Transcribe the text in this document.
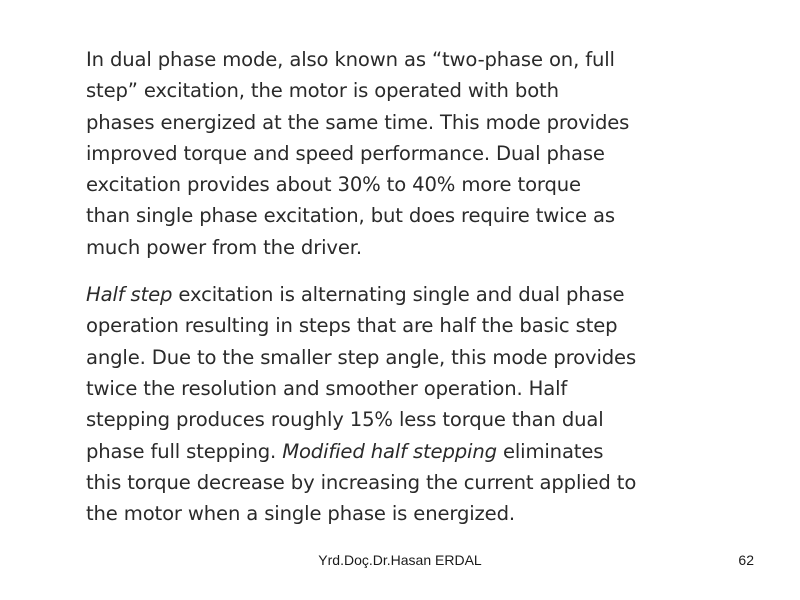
In dual phase mode, also known as “two-phase on, full
step” excitation, the motor is operated with both
phases energized at the same time. This mode provides
improved torque and speed performance. Dual phase
excitation provides about 30% to 40% more torque
than single phase excitation, but does require twice as
much power from the driver.

Half step excitation is alternating single and dual phase
operation resulting in steps that are half the basic step
angle. Due to the smaller step angle, this mode provides
twice the resolution and smoother operation. Half
stepping produces roughly 15% less torque than dual
phase full stepping. Modified half stepping eliminates
this torque decrease by increasing the current applied to
the motor when a single phase is energized.

Yrd.Doç.Dr.Hasan ERDAL	62
